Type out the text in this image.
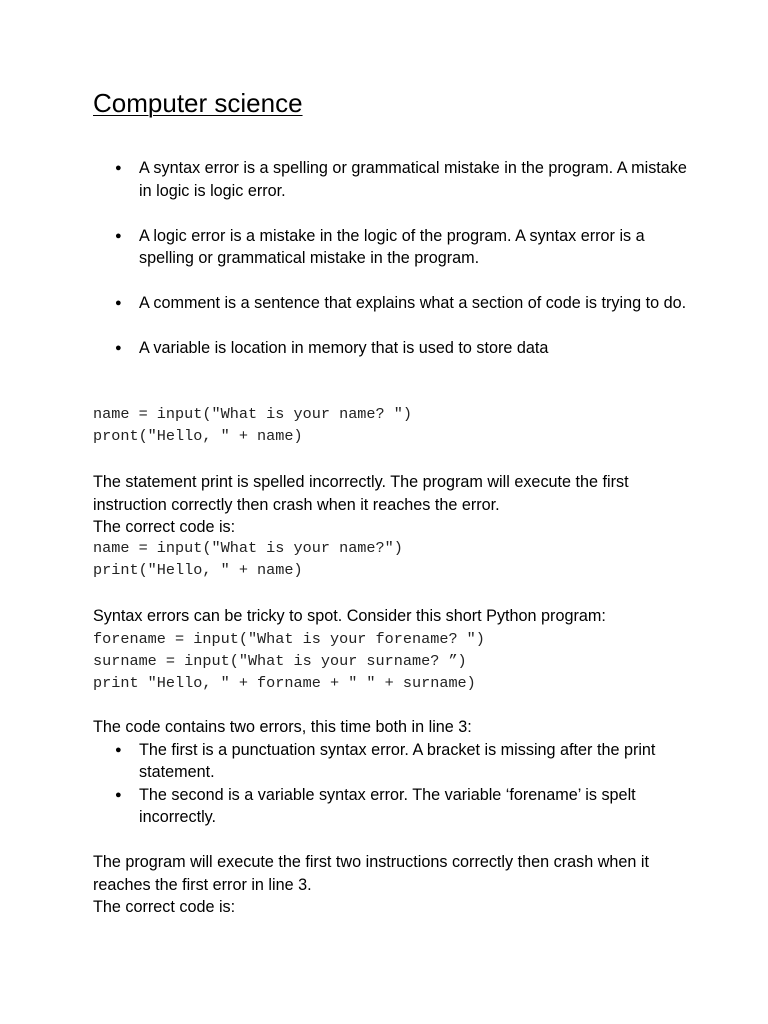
Computer science
● A syntax error is a spelling or grammatical mistake in the program. A mistake in logic is logic error.
● A logic error is a mistake in the logic of the program. A syntax error is a spelling or grammatical mistake in the program.
● A comment is a sentence that explains what a section of code is trying to do.
● A variable is location in memory that is used to store data
name = input("What is your name? ")
pront("Hello, " + name)

The statement print is spelled incorrectly. The program will execute the first instruction correctly then crash when it reaches the error.

The correct code is:

name = input("What is your name?")
print("Hello, " + name)

Syntax errors can be tricky to spot. Consider this short Python program:

forename = input("What is your forename? ")
surname = input("What is your surname? ”)
print "Hello, " + forname + " " + surname)

The code contains two errors, this time both in line 3:

● The first is a punctuation syntax error. A bracket is missing after the print statement.
● The second is a variable syntax error. The variable ‘forename’ is spelt incorrectly.

The program will execute the first two instructions correctly then crash when it reaches the first error in line 3.

The correct code is:
